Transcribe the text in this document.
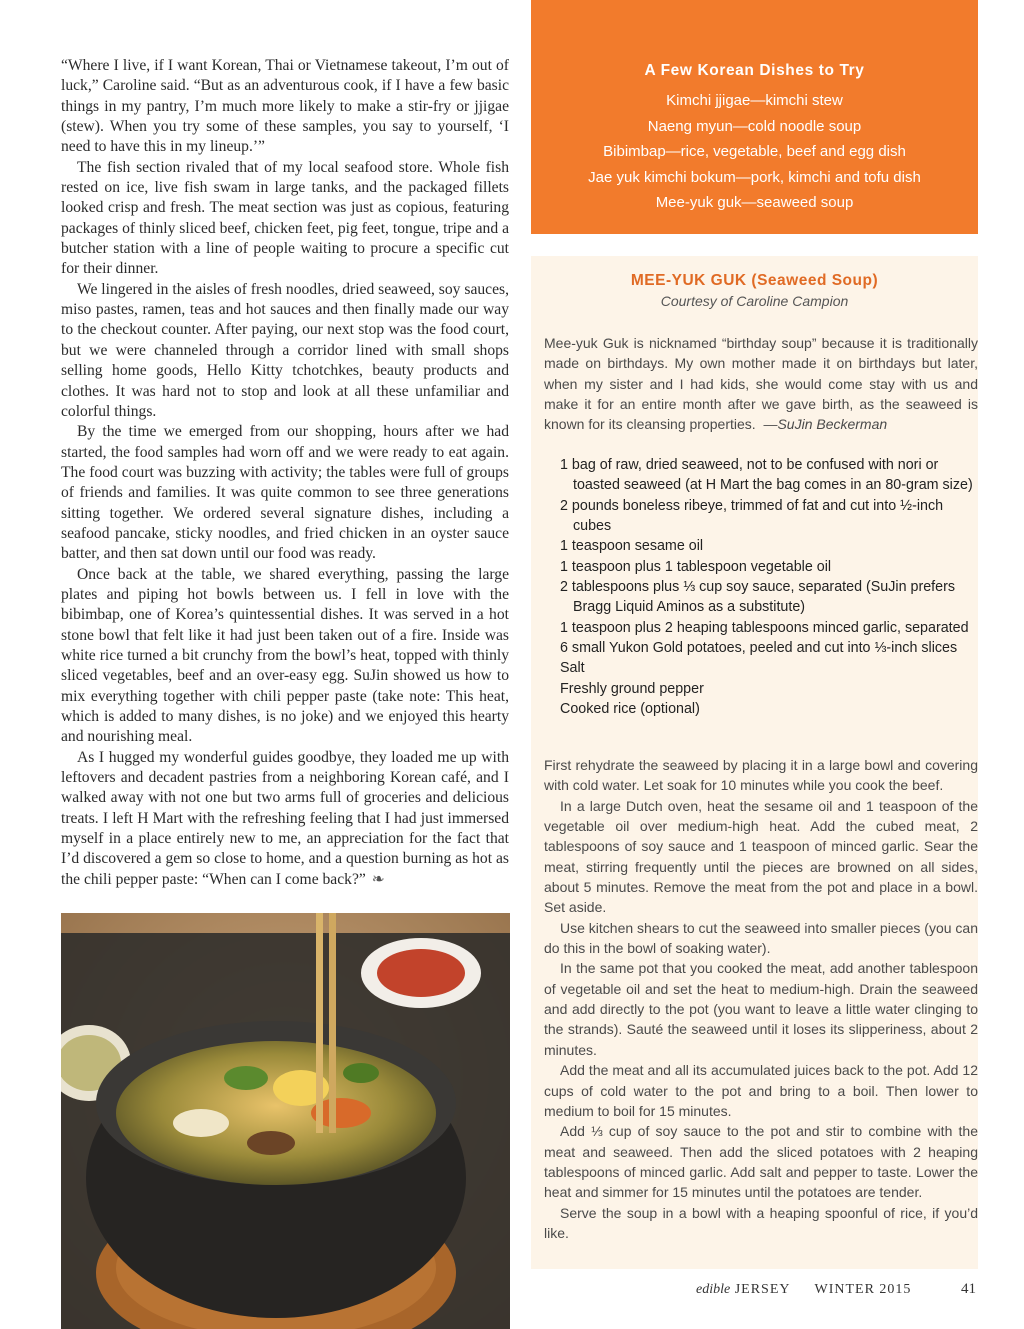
“Where I live, if I want Korean, Thai or Vietnamese takeout, I’m out of luck,” Caroline said. “But as an adventurous cook, if I have a few basic things in my pantry, I’m much more likely to make a stir-fry or jjigae (stew). When you try some of these samples, you say to yourself, ‘I need to have this in my lineup.’”

The fish section rivaled that of my local seafood store. Whole fish rested on ice, live fish swam in large tanks, and the packaged fillets looked crisp and fresh. The meat section was just as copious, featuring packages of thinly sliced beef, chicken feet, pig feet, tongue, tripe and a butcher station with a line of people waiting to procure a specific cut for their dinner.

We lingered in the aisles of fresh noodles, dried seaweed, soy sauces, miso pastes, ramen, teas and hot sauces and then finally made our way to the checkout counter. After paying, our next stop was the food court, but we were channeled through a corridor lined with small shops selling home goods, Hello Kitty tchotchkes, beauty products and clothes. It was hard not to stop and look at all these unfamiliar and colorful things.

By the time we emerged from our shopping, hours after we had started, the food samples had worn off and we were ready to eat again. The food court was buzzing with activity; the tables were full of groups of friends and families. It was quite common to see three generations sitting together. We ordered several signature dishes, including a seafood pancake, sticky noodles, and fried chicken in an oyster sauce batter, and then sat down until our food was ready.

Once back at the table, we shared everything, passing the large plates and piping hot bowls between us. I fell in love with the bibimbap, one of Korea’s quintessential dishes. It was served in a hot stone bowl that felt like it had just been taken out of a fire. Inside was white rice turned a bit crunchy from the bowl’s heat, topped with thinly sliced vegetables, beef and an over-easy egg. SuJin showed us how to mix everything together with chili pepper paste (take note: This heat, which is added to many dishes, is no joke) and we enjoyed this hearty and nourishing meal.

As I hugged my wonderful guides goodbye, they loaded me up with leftovers and decadent pastries from a neighboring Korean café, and I walked away with not one but two arms full of groceries and delicious treats. I left H Mart with the refreshing feeling that I had just immersed myself in a place entirely new to me, an appreciation for the fact that I’d discovered a gem so close to home, and a question burning as hot as the chili pepper paste: “When can I come back?” ❧

A Few Korean Dishes to Try
Kimchi jjigae—kimchi stew
Naeng myun—cold noodle soup
Bibimbap—rice, vegetable, beef and egg dish
Jae yuk kimchi bokum—pork, kimchi and tofu dish
Mee-yuk guk—seaweed soup
MEE-YUK GUK (Seaweed Soup)
Courtesy of Caroline Campion

Mee-yuk Guk is nicknamed “birthday soup” because it is traditionally made on birthdays. My own mother made it on birthdays but later, when my sister and I had kids, she would come stay with us and make it for an entire month after we gave birth, as the seaweed is known for its cleansing properties. —SuJin Beckerman

1 bag of raw, dried seaweed, not to be confused with nori or toasted seaweed (at H Mart the bag comes in an 80-gram size)
2 pounds boneless ribeye, trimmed of fat and cut into ½-inch cubes
1 teaspoon sesame oil
1 teaspoon plus 1 tablespoon vegetable oil
2 tablespoons plus ⅓ cup soy sauce, separated (SuJin prefers Bragg Liquid Aminos as a substitute)
1 teaspoon plus 2 heaping tablespoons minced garlic, separated
6 small Yukon Gold potatoes, peeled and cut into ⅓-inch slices
Salt
Freshly ground pepper
Cooked rice (optional)

First rehydrate the seaweed by placing it in a large bowl and covering with cold water. Let soak for 10 minutes while you cook the beef.

In a large Dutch oven, heat the sesame oil and 1 teaspoon of the vegetable oil over medium-high heat. Add the cubed meat, 2 tablespoons of soy sauce and 1 teaspoon of minced garlic. Sear the meat, stirring frequently until the pieces are browned on all sides, about 5 minutes. Remove the meat from the pot and place in a bowl. Set aside.

Use kitchen shears to cut the seaweed into smaller pieces (you can do this in the bowl of soaking water).

In the same pot that you cooked the meat, add another tablespoon of vegetable oil and set the heat to medium-high. Drain the seaweed and add directly to the pot (you want to leave a little water clinging to the strands). Sauté the seaweed until it loses its slipperiness, about 2 minutes.

Add the meat and all its accumulated juices back to the pot. Add 12 cups of cold water to the pot and bring to a boil. Then lower to medium to boil for 15 minutes.

Add ⅓ cup of soy sauce to the pot and stir to combine with the meat and seaweed. Then add the sliced potatoes with 2 heaping tablespoons of minced garlic. Add salt and pepper to taste. Lower the heat and simmer for 15 minutes until the potatoes are tender.

Serve the soup in a bowl with a heaping spoonful of rice, if you’d like.

edible JERSEY WINTER 2015	41
